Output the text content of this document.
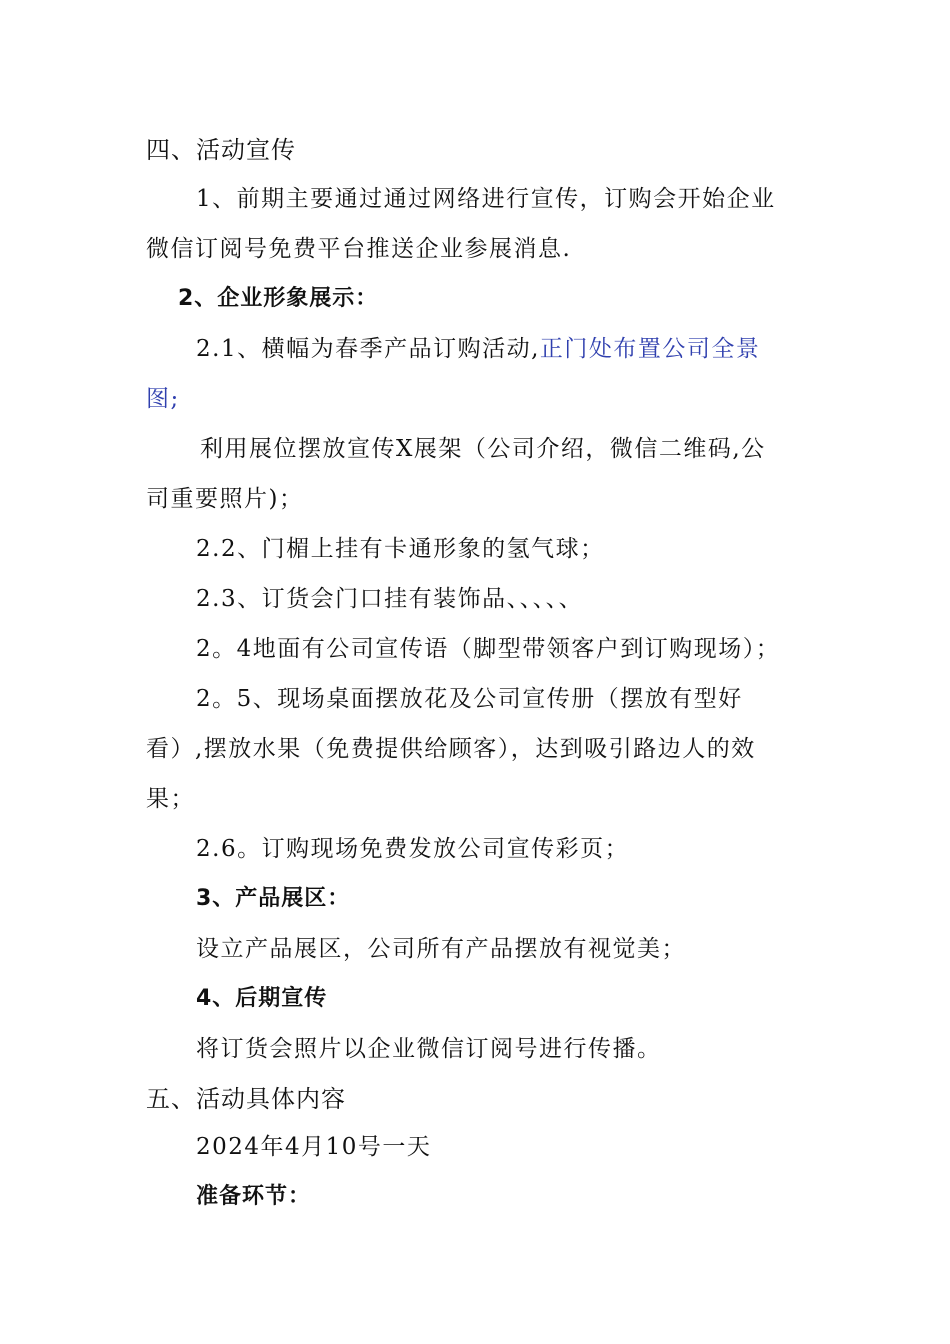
四、活动宣传
1、前期主要通过通过网络进行宣传，订购会开始企业
微信订阅号免费平台推送企业参展消息.
2、企业形象展示：
2.1、横幅为春季产品订购活动,正门处布置公司全景
图;
利用展位摆放宣传X展架（公司介绍，微信二维码,公
司重要照片)；
2.2、门楣上挂有卡通形象的氢气球；
2.3、订货会门口挂有装饰品、、、、、
2。4地面有公司宣传语（脚型带领客户到订购现场）；
2。5、现场桌面摆放花及公司宣传册（摆放有型好
看）,摆放水果（免费提供给顾客），达到吸引路边人的效
果；
2.6。订购现场免费发放公司宣传彩页；
3、产品展区：
设立产品展区，公司所有产品摆放有视觉美；
4、后期宣传
将订货会照片以企业微信订阅号进行传播。
五、活动具体内容
2024年4月10号一天
准备环节：
